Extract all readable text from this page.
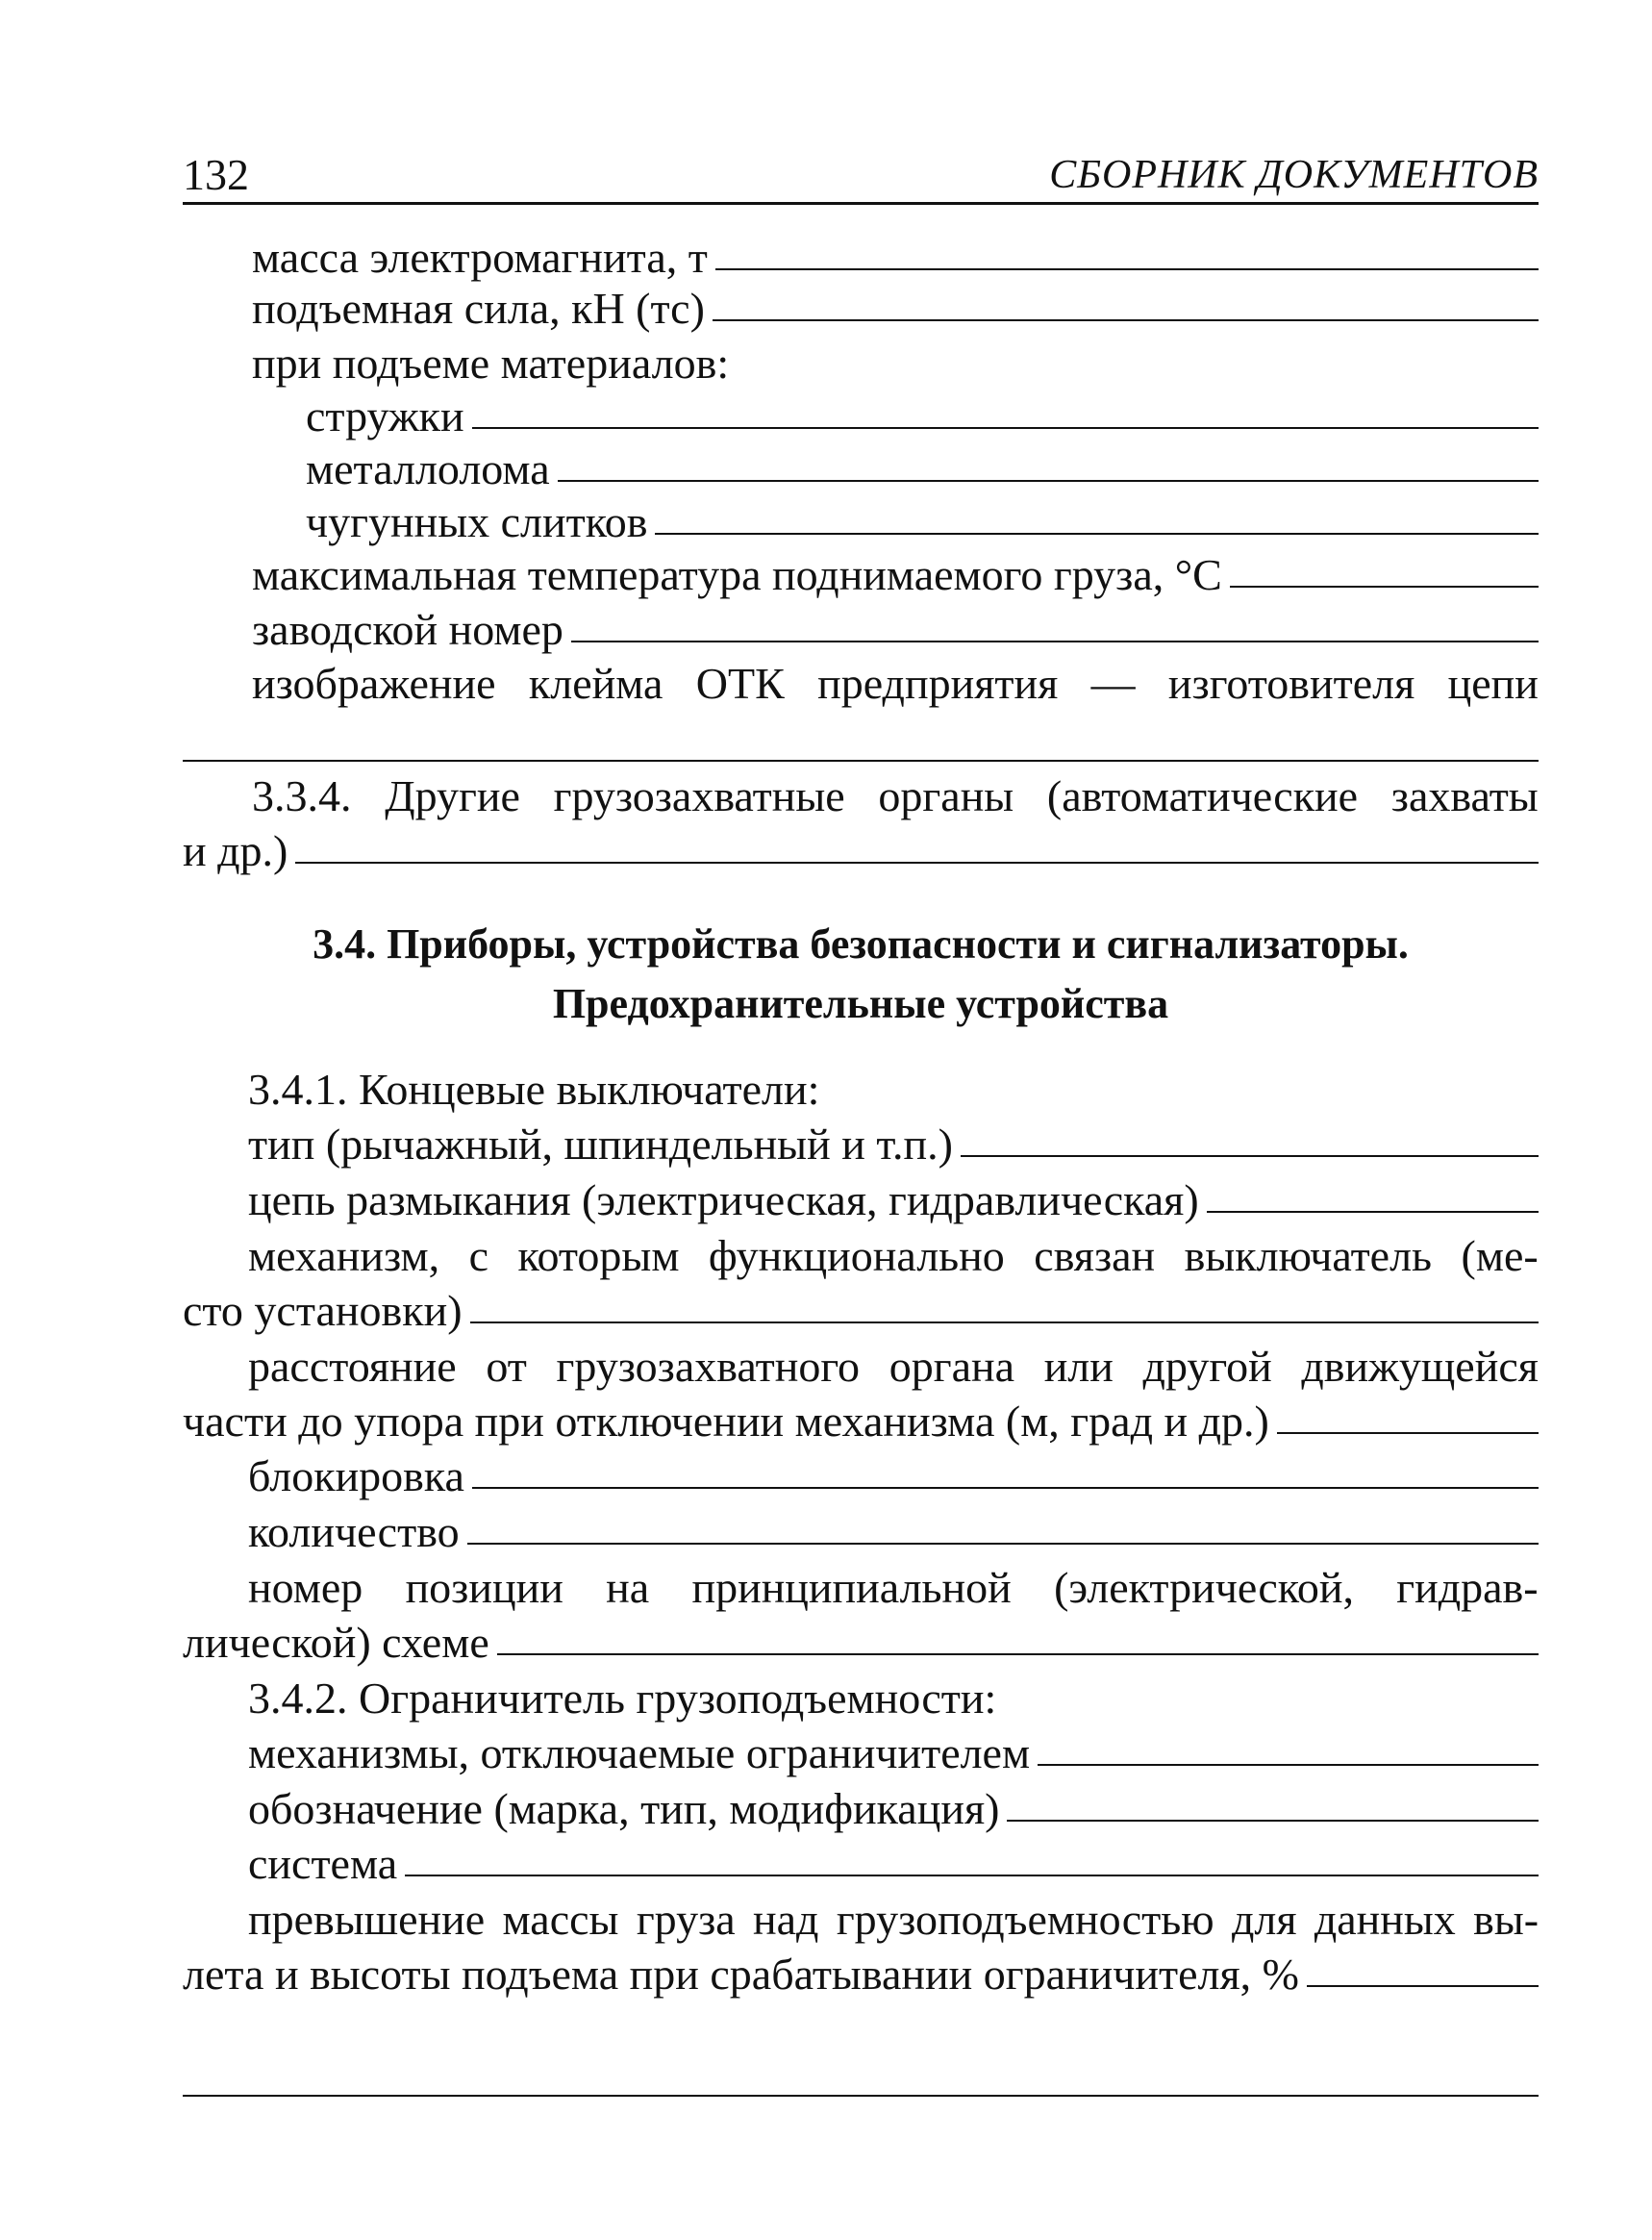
132	СБОРНИК ДОКУМЕНТОВ
масса электромагнита, т
подъемная сила, кН (тс)
при подъеме материалов:
стружки
металлолома
чугунных слитков
максимальная температура поднимаемого груза, °С
заводской номер
изображение клейма ОТК предприятия — изготовителя цепи
3.3.4. Другие грузозахватные органы (автоматические захваты
и др.)
3.4. Приборы, устройства безопасности и сигнализаторы.
Предохранительные устройства
3.4.1. Концевые выключатели:
тип (рычажный, шпиндельный и т.п.)
цепь размыкания (электрическая, гидравлическая)
механизм, с которым функционально связан выключатель (ме-
сто установки)
расстояние от грузозахватного органа или другой движущейся
части до упора при отключении механизма (м, град и др.)
блокировка
количество
номер позиции на принципиальной (электрической, гидрав-
лической) схеме
3.4.2. Ограничитель грузоподъемности:
механизмы, отключаемые ограничителем
обозначение (марка, тип, модификация)
система
превышение массы груза над грузоподъемностью для данных вы-
лета и высоты подъема при срабатывании ограничителя, %
